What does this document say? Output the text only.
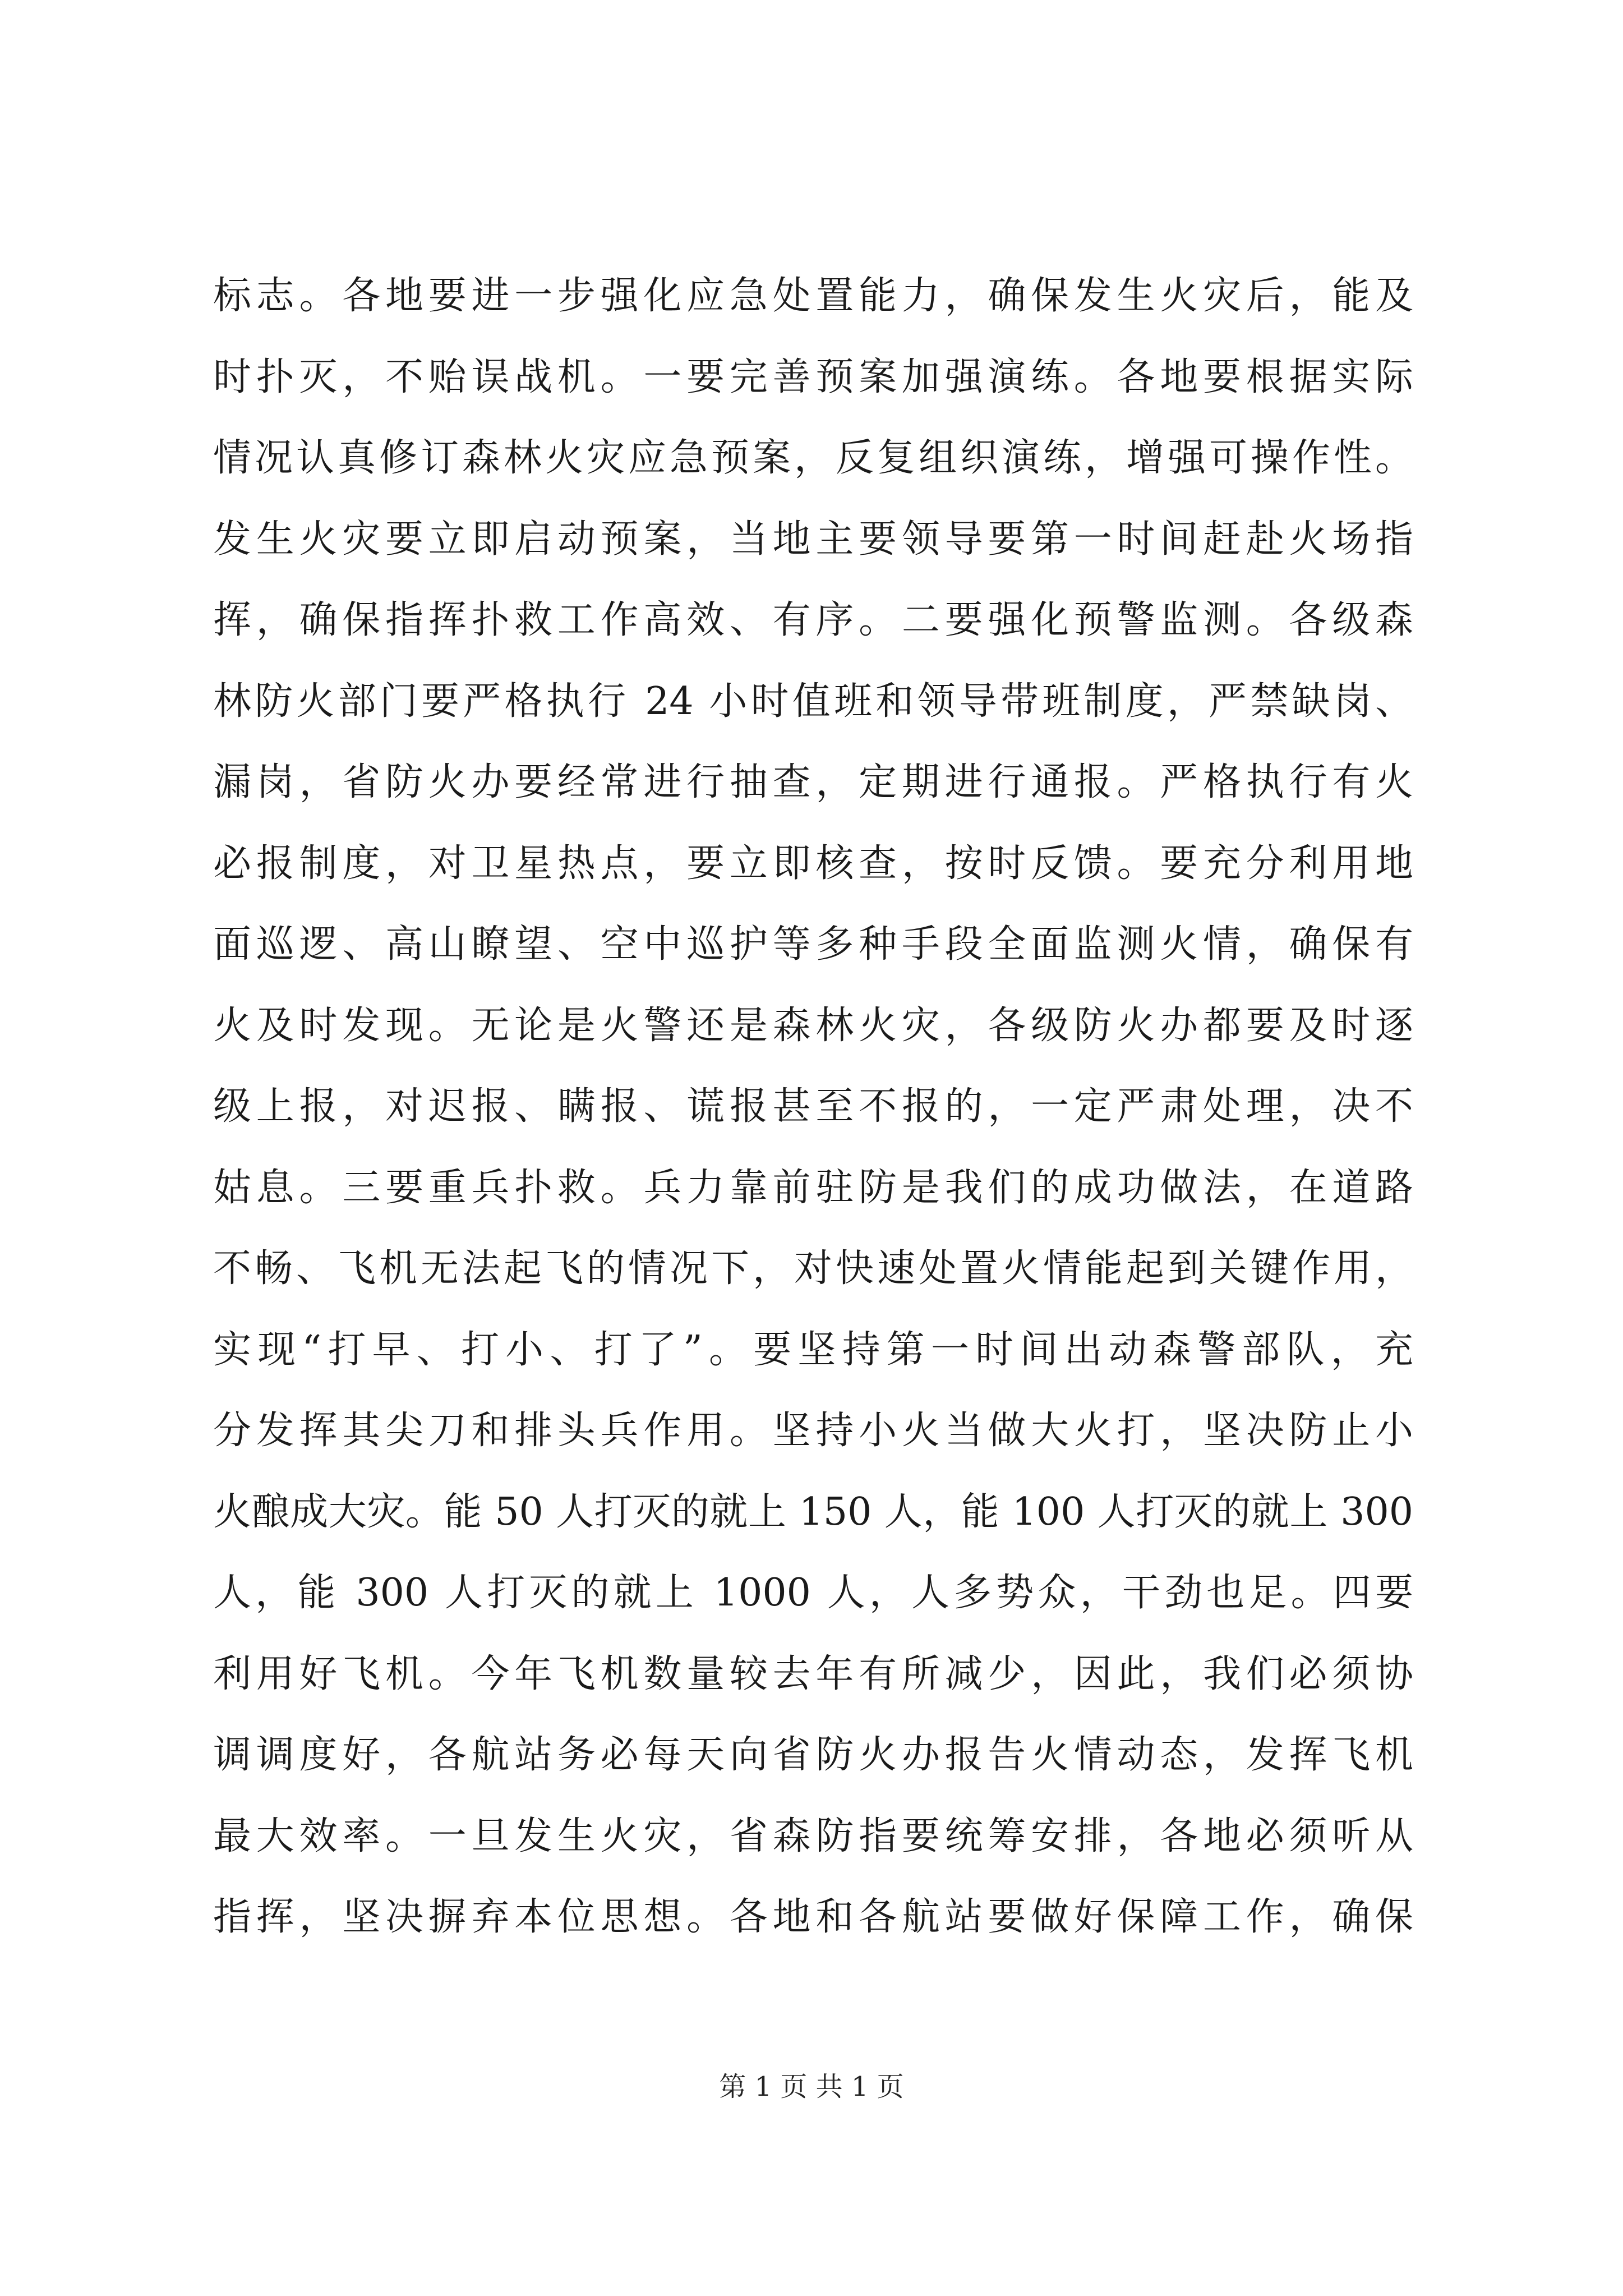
标志。各地要进一步强化应急处置能力，确保发生火灾后，能及
时扑灭，不贻误战机。一要完善预案加强演练。各地要根据实际
情况认真修订森林火灾应急预案，反复组织演练，增强可操作性。
发生火灾要立即启动预案，当地主要领导要第一时间赶赴火场指
挥，确保指挥扑救工作高效、有序。二要强化预警监测。各级森
林防火部门要严格执行 24 小时值班和领导带班制度，严禁缺岗、
漏岗，省防火办要经常进行抽查，定期进行通报。严格执行有火
必报制度，对卫星热点，要立即核查，按时反馈。要充分利用地
面巡逻、高山瞭望、空中巡护等多种手段全面监测火情，确保有
火及时发现。无论是火警还是森林火灾，各级防火办都要及时逐
级上报，对迟报、瞒报、谎报甚至不报的，一定严肃处理，决不
姑息。三要重兵扑救。兵力靠前驻防是我们的成功做法，在道路
不畅、飞机无法起飞的情况下，对快速处置火情能起到关键作用，
实现“打早、打小、打了”。要坚持第一时间出动森警部队，充
分发挥其尖刀和排头兵作用。坚持小火当做大火打，坚决防止小
火酿成大灾。能 50 人打灭的就上 150 人，能 100 人打灭的就上 300
人，能 300 人打灭的就上 1000 人，人多势众，干劲也足。四要
利用好飞机。今年飞机数量较去年有所减少，因此，我们必须协
调调度好，各航站务必每天向省防火办报告火情动态，发挥飞机
最大效率。一旦发生火灾，省森防指要统筹安排，各地必须听从
指挥，坚决摒弃本位思想。各地和各航站要做好保障工作，确保
第 1 页 共 1 页
